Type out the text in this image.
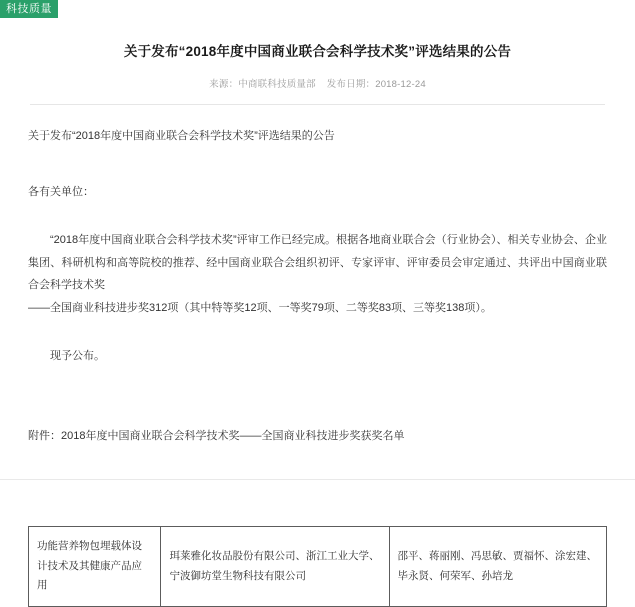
科技质量
关于发布“2018年度中国商业联合会科学技术奖”评选结果的公告
来源：中商联科技质量部 发布日期：2018-12-24

关于发布“2018年度中国商业联合会科学技术奖”评选结果的公告

各有关单位：

“2018年度中国商业联合会科学技术奖”评审工作已经完成。根据各地商业联合会（行业协会）、相关专业协会、企业集团、科研机构和高等院校的推荐、经中国商业联合会组织初评、专家评审、评审委员会审定通过、共评出中国商业联合会科学技术奖

——全国商业科技进步奖312项（其中特等奖12项、一等奖79项、二等奖83项、三等奖138项）。

现予公布。

附件：2018年度中国商业联合会科学技术奖——全国商业科技进步奖获奖名单

功能营养物包埋载体设计技术及其健康产品应用	珥莱雅化妆品股份有限公司、浙江工业大学、宁波御坊堂生物科技有限公司	邵平、蒋丽刚、冯思敏、贾福怀、涂宏建、毕永贤、何荣军、孙培龙
